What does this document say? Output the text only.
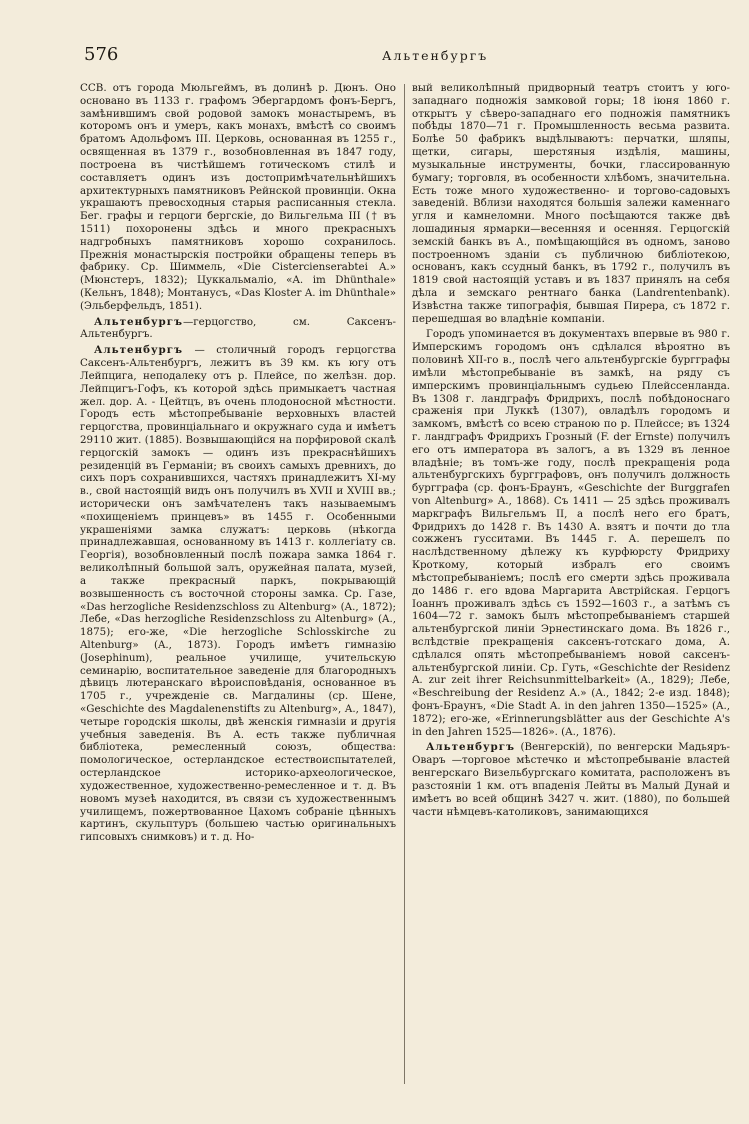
576	Альтенбургъ

ССВ. отъ города Мюльгеймъ, въ долинѣ р. Дюнъ. Оно основано въ 1133 г. графомъ Эбергардомъ фонъ-Бергъ, замѣнившимъ свой родовой замокъ монастыремъ, въ которомъ онъ и умеръ, какъ монахъ, вмѣстѣ со своимъ братомъ Адольфомъ III. Церковь, основанная въ 1255 г., освященная въ 1379 г., возобновленная въ 1847 году, построена въ чистѣйшемъ готическомъ стилѣ и составляетъ одинъ изъ достопримѣчательнѣйшихъ архитектурныхъ памятниковъ Рейнской провинціи. Окна украшаютъ превосходныя старыя расписанныя стекла. Бег. графы и герцоги бергскіе, до Вильгельма III († въ 1511) похоронены здѣсь и много прекрасныхъ надгробныхъ памятниковъ хорошо сохранилось. Прежнія монастырскія постройки обращены теперь въ фабрику. Ср. Шиммель, «Die Cistercienserabtei A.» (Мюнстеръ, 1832); Цуккальмаліо, «A. im Dhünthale» (Кельнъ, 1848); Монтанусъ, «Das Kloster A. im Dhünthale» (Эльберфельдъ, 1851).

Альтенбургъ—герцогство, см. Саксенъ-Альтенбургъ.

Альтенбургъ — столичный городъ герцогства Саксенъ-Альтенбургъ, лежитъ въ 39 км. къ югу отъ Лейпцига, неподалеку отъ р. Плейсе, по желѣзн. дор. Лейпцигъ-Гофъ, къ которой здѣсь примыкаетъ частная жел. дор. А. - Цейтцъ, въ очень плодоносной мѣстности. Городъ есть мѣстопребываніе верховныхъ властей герцогства, провинціальнаго и окружнаго суда и имѣетъ 29110 жит. (1885). Возвышающійся на порфировой скалѣ герцогскій замокъ — одинъ изъ прекраснѣйшихъ резиденцій въ Германіи; въ своихъ самыхъ древнихъ, до сихъ поръ сохранившихся, частяхъ принадлежитъ XI-му в., свой настоящій видъ онъ получилъ въ XVII и XVIII вв.; исторически онъ замѣчателенъ такъ называемымъ «похищеніемъ принцевъ» въ 1455 г. Особенными украшеніями замка служатъ: церковь (нѣкогда принадлежавшая, основанному въ 1413 г. коллегіату св. Георгія), возобновленный послѣ пожара замка 1864 г. великолѣпный большой залъ, оружейная палата, музей, а также прекрасный паркъ, покрывающій возвышенность съ восточной стороны замка. Ср. Газе, «Das herzogliche Residenzschloss zu Altenburg» (A., 1872); Лебе, «Das herzogliche Residenzschloss zu Altenburg» (A., 1875); его-же, «Die herzogliche Schlosskirche zu Altenburg» (A., 1873). Городъ имѣетъ гимназію (Josephinum), реальное училище, учительскую семинарію, воспитательное заведеніе для благородныхъ дѣвицъ лютеранскаго вѣроисповѣданія, основанное въ 1705 г., учрежденіе св. Магдалины (ср. Шене, «Geschichte des Magdalenenstifts zu Altenburg», A., 1847), четыре городскія школы, двѣ женскія гимназіи и другія учебныя заведенія. Въ А. есть также публичная библіотека, ремесленный союзъ, общества: помологическое, остерландское естествоиспытателей, остерландское историко-археологическое, художественное, художественно-ремесленное и т. д. Въ новомъ музеѣ находится, въ связи съ художественнымъ училищемъ, пожертвованное Цахомъ собраніе цѣнныхъ картинъ, скульптуръ (большею частью оригинальныхъ гипсовыхъ снимковъ) и т. д. Но-

вый великолѣпный придворный театръ стоитъ у юго-западнаго подножія замковой горы; 18 іюня 1860 г. открытъ у сѣверо-западнаго его подножія памятникъ побѣды 1870—71 г. Промышленность весьма развита. Болѣе 50 фабрикъ выдѣлываютъ: перчатки, шляпы, щетки, сигары, шерстяныя издѣлія, машины, музыкальные инструменты, бочки, глассированную бумагу; торговля, въ особенности хлѣбомъ, значительна. Есть тоже много художественно- и торгово-садовыхъ заведеній. Вблизи находятся большія залежи каменнаго угля и камнеломни. Много посѣщаются также двѣ лошадиныя ярмарки—весенняя и осенняя. Герцогскій земскій банкъ въ А., помѣщающійся въ одномъ, заново построенномъ зданіи съ публичною библіотекою, основанъ, какъ ссудный банкъ, въ 1792 г., получилъ въ 1819 свой настоящій уставъ и въ 1837 принялъ на себя дѣла и земскаго рентнаго банка (Landrentenbank). Извѣстна также типографія, бывшая Пирера, съ 1872 г. перешедшая во владѣніе компаніи.

Городъ упоминается въ документахъ впервые въ 980 г. Имперскимъ городомъ онъ сдѣлался вѣроятно въ половинѣ XII-го в., послѣ чего альтенбургскіе бургграфы имѣли мѣстопребываніе въ замкѣ, на ряду съ имперскимъ провинціальнымъ судьею Плейссенланда. Въ 1308 г. ландграфъ Фридрихъ, послѣ побѣдоноснаго сраженія при Луккѣ (1307), овладѣлъ городомъ и замкомъ, вмѣстѣ со всею страною по р. Плейссе; въ 1324 г. ландграфъ Фридрихъ Грозный (F. der Ernste) получилъ его отъ императора въ залогъ, а въ 1329 въ ленное владѣніе; въ томъ-же году, послѣ прекращенія рода альтенбургскихъ бургграфовъ, онъ получилъ должность бургграфа (ср. фонъ-Браунъ, «Geschichte der Burggrafen von Altenburg» A., 1868). Съ 1411 — 25 здѣсь проживалъ маркграфъ Вильгельмъ II, а послѣ него его братъ, Фридрихъ до 1428 г. Въ 1430 А. взятъ и почти до тла сожженъ гусситами. Въ 1445 г. А. перешелъ по наслѣдственному дѣлежу къ курфюрсту Фридриху Кроткому, который избралъ его своимъ мѣстопребываніемъ; послѣ его смерти здѣсь проживала до 1486 г. его вдова Маргарита Австрійская. Герцогъ Іоаннъ проживалъ здѣсь съ 1592—1603 г., а затѣмъ съ 1604—72 г. замокъ былъ мѣстопребываніемъ старшей альтенбургской линіи Эрнестинскаго дома. Въ 1826 г., вслѣдствіе прекращенія саксенъ-готскаго дома, А. сдѣлался опять мѣстопребываніемъ новой саксенъ-альтенбургской линіи. Ср. Гуть, «Geschichte der Residenz A. zur zeit ihrer Reichsunmittelbarkeit» (A., 1829); Лебе, «Beschreibung der Residenz A.» (A., 1842; 2-е изд. 1848); фонъ-Браунъ, «Die Stadt A. in den jahren 1350—1525» (A., 1872); его-же, «Erinnerungsblätter aus der Geschichte A's in den Jahren 1525—1826». (A., 1876).

Альтенбургъ (Венгерскій), по венгерски Мадьяръ-Оваръ —торговое мѣстечко и мѣстопребываніе властей венгерскаго Визельбургскаго комитата, расположенъ въ разстояніи 1 км. отъ впаденія Лейты въ Малый Дунай и имѣетъ во всей общинѣ 3427 ч. жит. (1880), по большей части нѣмцевъ-католиковъ, занимающихся
